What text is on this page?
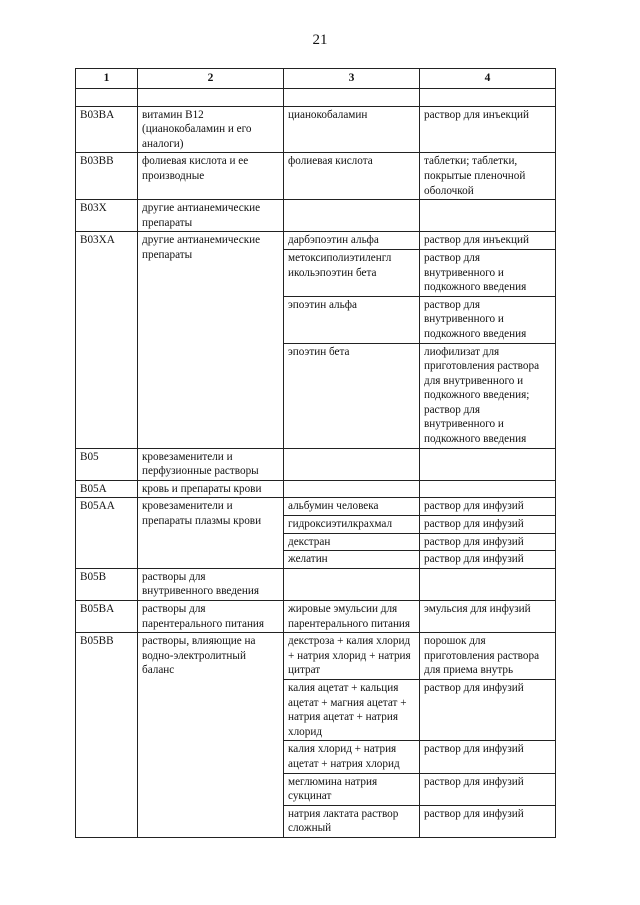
21
1	2	3	4

B03BA	витамин B12 (цианокобаламин и его аналоги)	цианокобаламин	раствор для инъекций
B03BB	фолиевая кислота и ее производные	фолиевая кислота	таблетки; таблетки, покрытые пленочной оболочкой
B03X	другие антианемические препараты		
B03XA	другие антианемические препараты	дарбэпоэтин альфа	раствор для инъекций
		метоксиполиэтиленгл икольэпоэтин бета	раствор для внутривенного и подкожного введения
		эпоэтин альфа	раствор для внутривенного и подкожного введения
		эпоэтин бета	лиофилизат для приготовления раствора для внутривенного и подкожного введения; раствор для внутривенного и подкожного введения
B05	кровезаменители и перфузионные растворы		
B05A	кровь и препараты крови		
B05AA	кровезаменители и препараты плазмы крови	альбумин человека	раствор для инфузий
		гидроксиэтилкрахмал	раствор для инфузий
		декстран	раствор для инфузий
		желатин	раствор для инфузий
B05B	растворы для внутривенного введения		
B05BA	растворы для парентерального питания	жировые эмульсии для парентерального питания	эмульсия для инфузий
B05BB	растворы, влияющие на водно-электролитный баланс	декстроза + калия хлорид + натрия хлорид + натрия цитрат	порошок для приготовления раствора для приема внутрь
		калия ацетат + кальция ацетат + магния ацетат + натрия ацетат + натрия хлорид	раствор для инфузий
		калия хлорид + натрия ацетат + натрия хлорид	раствор для инфузий
		меглюмина натрия сукцинат	раствор для инфузий
		натрия лактата раствор сложный	раствор для инфузий
